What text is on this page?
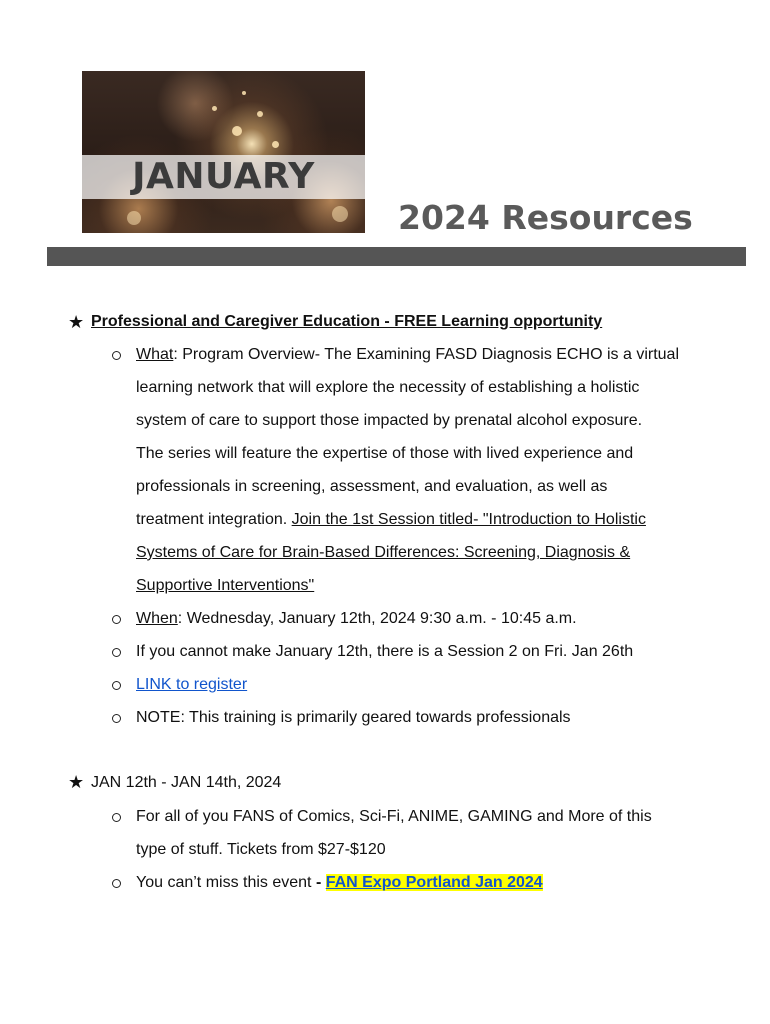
JANUARY
2024 Resources
★ Professional and Caregiver Education - FREE Learning opportunity
What: Program Overview- The Examining FASD Diagnosis ECHO is a virtual
learning network that will explore the necessity of establishing a holistic
system of care to support those impacted by prenatal alcohol exposure.
The series will feature the expertise of those with lived experience and
professionals in screening, assessment, and evaluation, as well as
treatment integration. Join the 1st Session titled- "Introduction to Holistic
Systems of Care for Brain-Based Differences: Screening, Diagnosis &
Supportive Interventions"
When: Wednesday, January 12th, 2024 9:30 a.m. - 10:45 a.m.
If you cannot make January 12th, there is a Session 2 on Fri. Jan 26th
LINK to register
NOTE: This training is primarily geared towards professionals
★ JAN 12th - JAN 14th, 2024
For all of you FANS of Comics, Sci-Fi, ANIME, GAMING and More of this
type of stuff. Tickets from $27-$120
You can’t miss this event - FAN Expo Portland Jan 2024
